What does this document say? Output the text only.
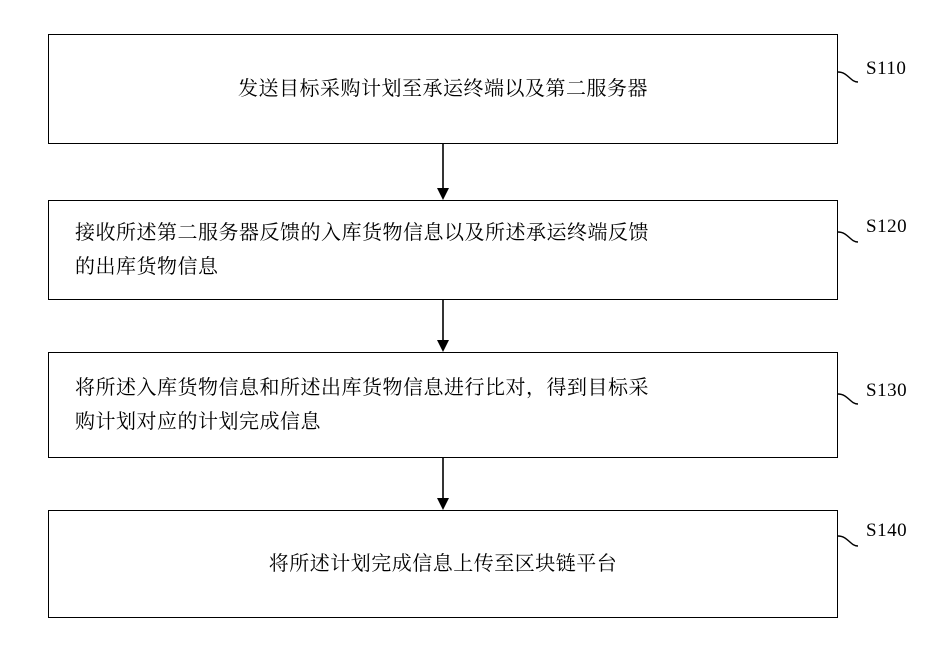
发送目标采购计划至承运终端以及第二服务器
S110
接收所述第二服务器反馈的入库货物信息以及所述承运终端反馈
的出库货物信息
S120
将所述入库货物信息和所述出库货物信息进行比对，得到目标采
购计划对应的计划完成信息
S130
将所述计划完成信息上传至区块链平台
S140
